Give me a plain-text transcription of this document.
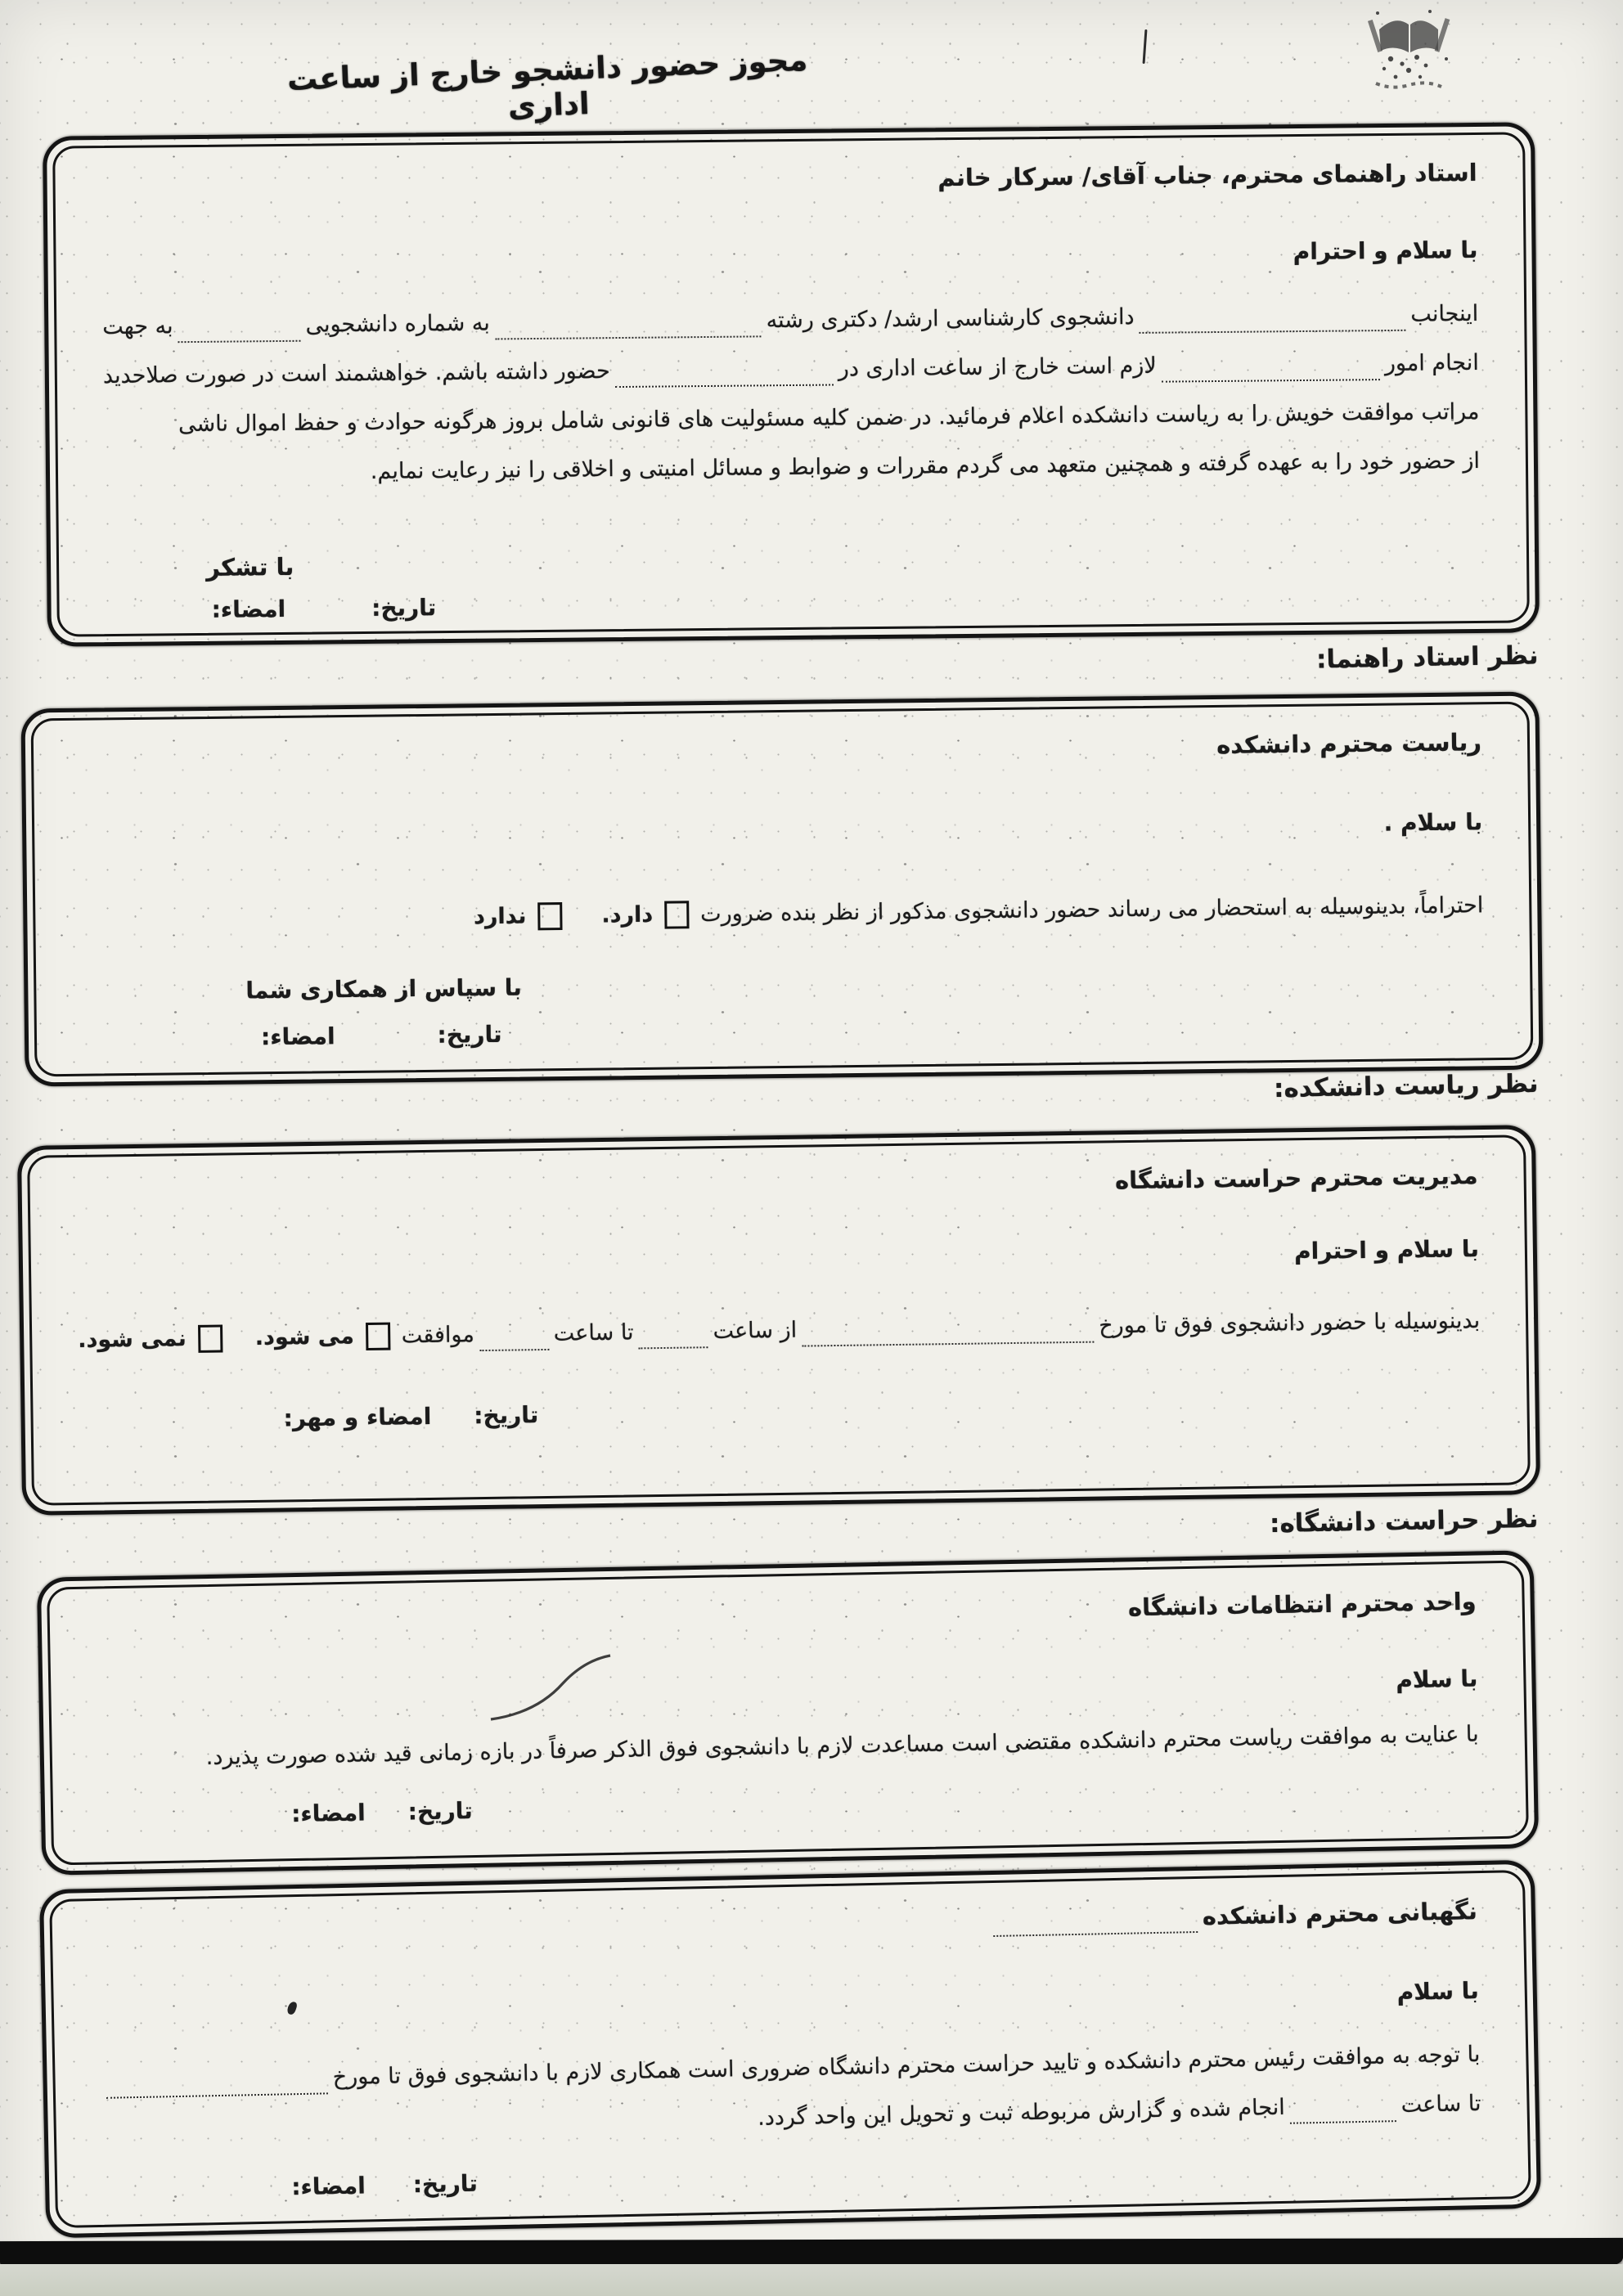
مجوز حضور دانشجو خارج از ساعت اداری

استاد راهنمای محترم، جناب آقای/ سرکار خانم

با سلام و احترام

اینجانب
دانشجوی کارشناسی ارشد/ دکتری رشته
به شماره دانشجویی
به جهت
انجام امور
لازم است خارج از ساعت اداری در
حضور داشته باشم. خواهشمند است در صورت صلاحدید
مراتب موافقت خویش را به ریاست دانشکده اعلام فرمائید. در ضمن کلیه مسئولیت های قانونی شامل بروز هرگونه حوادث و حفظ اموال ناشی
از حضور خود را به عهده گرفته و همچنین متعهد می گردم مقررات و ضوابط و مسائل امنیتی و اخلاقی را نیز رعایت نمایم.

با تشکر

تاریخ:
امضاء:

نظر استاد راهنما:

ریاست محترم دانشکده

با سلام .

احتراماً، بدینوسیله به استحضار می رساند حضور دانشجوی مذکور از نظر بنده ضرورت
دارد.
ندارد

با سپاس از همکاری شما

تاریخ:
امضاء:

نظر ریاست دانشکده:

مدیریت محترم حراست دانشگاه

با سلام و احترام

بدینوسیله با حضور دانشجوی فوق تا مورخ
از ساعت
تا ساعت
موافقت
می شود.
نمی شود.
تاریخ:
امضاء و مهر:

نظر حراست دانشگاه:

واحد محترم انتظامات دانشگاه

با سلام

با عنایت به موافقت ریاست محترم دانشکده مقتضی است مساعدت لازم با دانشجوی فوق الذکر صرفاً در بازه زمانی قید شده صورت پذیرد.
تاریخ:
امضاء:
نگهبانی محترم دانشکده

با سلام

با توجه به موافقت رئیس محترم دانشکده و تایید حراست محترم دانشگاه ضروری است همکاری لازم با دانشجوی فوق تا مورخ
تا ساعت
انجام شده و گزارش مربوطه ثبت و تحویل این واحد گردد.
تاریخ:
امضاء:
